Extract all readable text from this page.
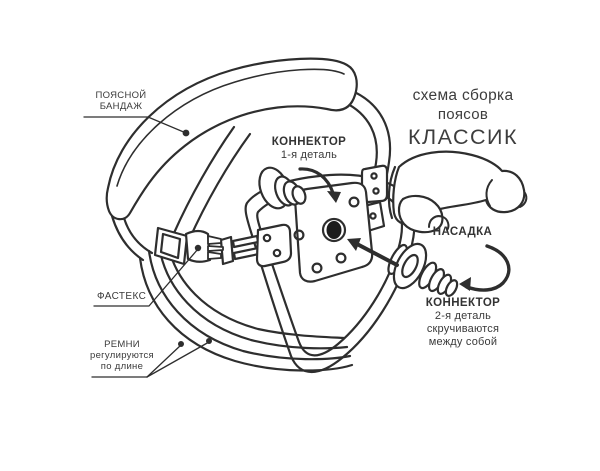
схема сборка
поясов
КЛАССИК
ПОЯСНОЙ
БАНДАЖ
КОННЕКТОР
1-я деталь
НАСАДКА
КОННЕКТОР
2-я деталь
скручиваются
между собой
ФАСТЕКС
РЕМНИ
регулируются
по длине
